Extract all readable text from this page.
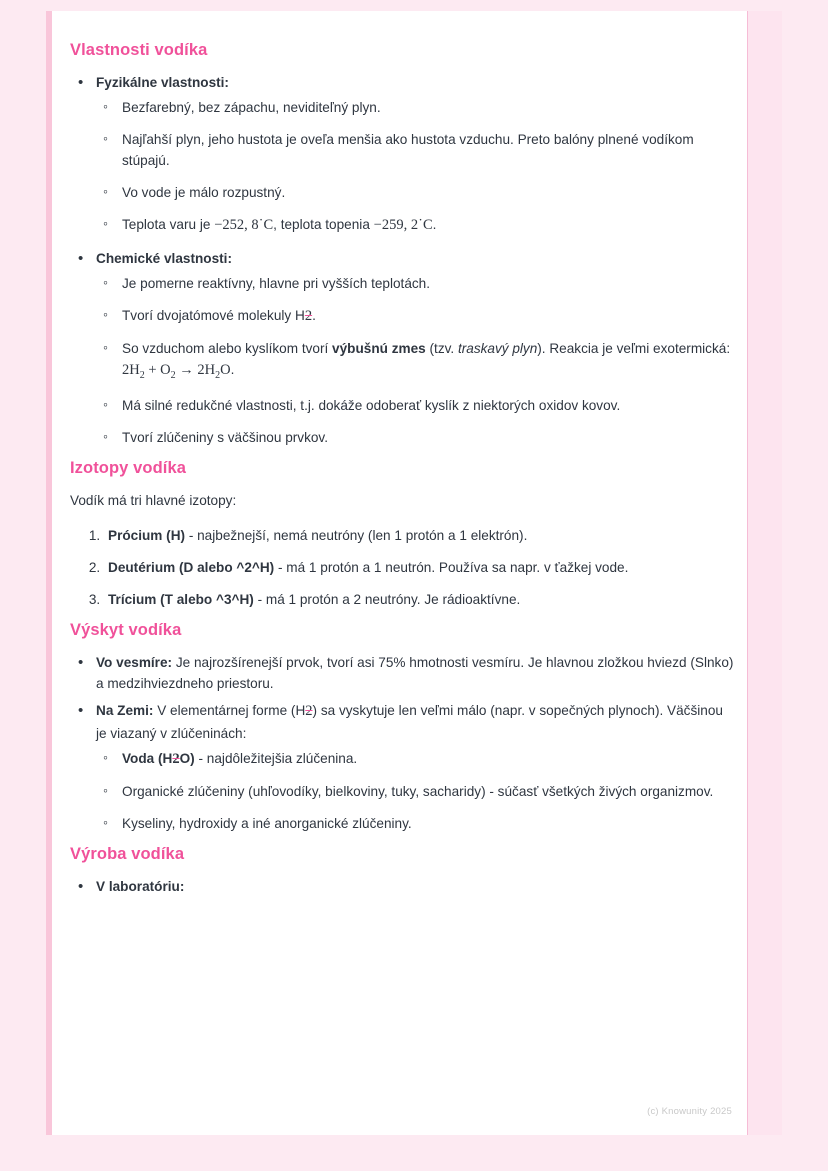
Vlastnosti vodíka
• Fyzikálne vlastnosti:
◦ Bezfarebný, bez zápachu, neviditeľný plyn.
◦ Najľahší plyn, jeho hustota je oveľa menšia ako hustota vzduchu. Preto balóny plnené vodíkom stúpajú.
◦ Vo vode je málo rozpustný.
◦ Teplota varu je −252, 8˙C, teplota topenia −259, 2˙C.
• Chemické vlastnosti:
◦ Je pomerne reaktívny, hlavne pri vyšších teplotách.
◦ Tvorí dvojatómové molekuly H2.
◦ So vzduchom alebo kyslíkom tvorí výbušnú zmes (tzv. traskavý plyn). Reakcia je veľmi exotermická: $2H_2 + O_2 \to 2H_2O$.
◦ Má silné redukčné vlastnosti, t.j. dokáže odoberať kyslík z niektorých oxidov kovov.
◦ Tvorí zlúčeniny s väčšinou prvkov.
Izotopy vodíka

Vodík má tri hlavné izotopy:

1. Prócium (H) - najbežnejší, nemá neutróny (len 1 protón a 1 elektrón).
2. Deutérium (D alebo ^2^H) - má 1 protón a 1 neutrón. Používa sa napr. v ťažkej vode.
3. Trícium (T alebo ^3^H) - má 1 protón a 2 neutróny. Je rádioaktívne.
Výskyt vodíka
• Vo vesmíre: Je najrozšírenejší prvok, tvorí asi 75% hmotnosti vesmíru. Je hlavnou zložkou hviezd (Slnko) a medzihviezdneho priestoru.
• Na Zemi: V elementárnej forme (H2) sa vyskytuje len veľmi málo (napr. v sopečných plynoch). Väčšinou je viazaný v zlúčeninách:
◦ Voda (H2O) - najdôležitejšia zlúčenina.
◦ Organické zlúčeniny (uhľovodíky, bielkoviny, tuky, sacharidy) - súčasť všetkých živých organizmov.
◦ Kyseliny, hydroxidy a iné anorganické zlúčeniny.
Výroba vodíka
• V laboratóriu:
(c) Knowunity 2025
